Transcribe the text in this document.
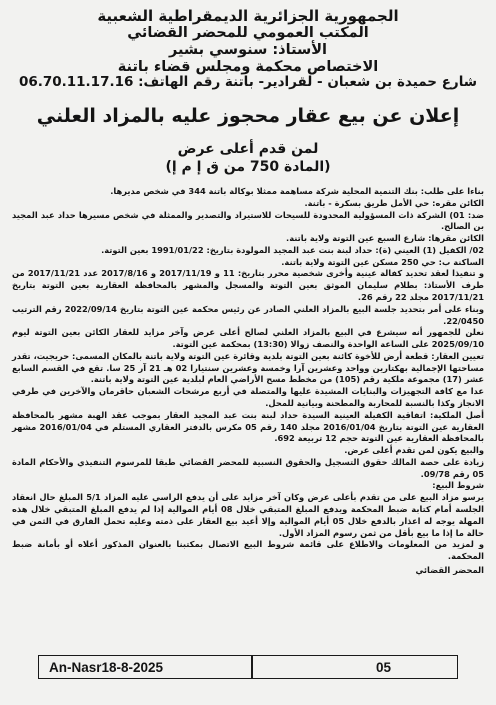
الجمهورية الجزائرية الديمقراطية الشعبية
المكتب العمومي للمحضر القضائي
الأستاذ: سنوسي بشير
الاختصاص محكمة ومجلس قضاء باتنة
شارع حميدة بن شعبان - لقرادير- باتنة رقم الهاتف: 06.70.11.17.16
إعلان عن بيع عقار محجوز عليه بالمزاد العلني
لمن قدم أعلى عرض
(المادة 750 من ق إ م إ)

بناءا على طلب: بنك التنمية المحلية شركة مساهمة ممثلا بوكالة باتنة 344 في شخص مديرها.

الكائن مقره: حي الأمل طريق بسكرة - باتنة.

ضد: 01) الشركة ذات المسؤولية المحدودة للسيحات للاستيراد والتصدير والممثلة في شخص مسيرها حداد عبد المجيد بن الصالح.

الكائن مقرها: شارع السبع عين التوتة ولاية باتنة.

02/ الكفيل (1) العيني (ة): حداد لبنة بنت عبد المجيد المولودة بتاريخ: 1991/01/22 بعين التوتة.

الساكنة ب: حي 250 مسكن عين التوتة ولاية باتنة.

و تنفيذا لعقد تحديد كفالة عينية وأخرى شخصية محرر بتاريخ: 11 و 2017/11/19 و 2017/8/16 عدد 2017/11/21 من طرف الأستاذ: بطلام سليمان الموثق بعين التوتة والمسجل والمشهر بالمحافظة العقارية بعين التوتة بتاريخ 2017/11/21 مجلد 22 رقم 26.

وبناء على أمر بتحديد جلسة البيع بالمزاد العلني الصادر عن رئيس محكمة عين التوتة بتاريخ 2022/09/14 رقم الترتيب 22/0450.

نعلن للجمهور أنه سيشرع في البيع بالمزاد العلني لصالح أعلى عرض وآخر مزايد للعقار الكائن بعين التوتة ليوم 2025/09/10 على الساعة الواحدة والنصف زوالا (13:30) بمحكمة عين التوتة.

تعيين العقار: قطعة أرض للأخوة كائنة بعين التوتة بلدية وقائرة عين التوتة ولاية باتنة بالمكان المسمى: حريجيت، تقدر مساحتها الإجمالية بهكتارين وواحد وعشرين آرا وخمسة وعشرين سنتيارا 02 هـ 21 آر 25 سا. تقع في القسم السابع عشر (17) مجموعة ملكية رقم (105) من مخطط مسح الأراضي العام لبلدية عين التوتة ولاية باتنة.

عدا مع كافة التجهيزات والبنايات المشيدة عليها والمتصلة في أربع مرشحات الشعبان حاقرمان والآخرين في طرفي الانجاز وكذا بالنسبة للمحاربة والمطحنة وبيانية للمحل.

أصل الملكية: اتفاقية الكفيلة العينية السيدة حداد لبنة بنت عبد المجيد العقار بموجب عقد الهبة مشهر بالمحافظة العقارية عين التوتة بتاريخ 2016/01/04 مجلد 140 رقم 05 مكرس بالدفتر العقاري المستلم في 2016/01/04 مشهر بالمحافظة العقارية عين التوتة حجم 12 تربيعة 692.

والبيع يكون لمن تقدم أعلى عرض.

زيادة على حصة المالك حقوق التسجيل والحقوق النسبية للمحضر القضائي طبقا للمرسوم التنفيذي والأحكام المادة 05 رقم 09/78.

شروط البيع:

يرسو مزاد البيع على من تقدم بأعلى عرض وكان آخر مزايد على أن يدفع الراسي عليه المزاد 5/1 المبلغ حال انعقاد الجلسة أمام كتابة ضبط المحكمة ويدفع المبلغ المتبقي خلال 08 أيام الموالية إذا لم يدفع المبلغ المتبقي خلال هذه المهلة يوجه له اعذار بالدفع خلال 05 أيام الموالية وإلا أعيد بيع العقار على ذمته وعليه تحمل الفارق في الثمن في حالة ما إذا ما بيع بأقل من ثمن رسوم المزاد الأول.

و لمزيد من المعلومات والاطلاع على قائمة شروط البيع الاتصال بمكتبنا بالعنوان المذكور أعلاه أو بأمانة ضبط المحكمة.

المحضر القضائي

An-Nasr18-8-2025	05
